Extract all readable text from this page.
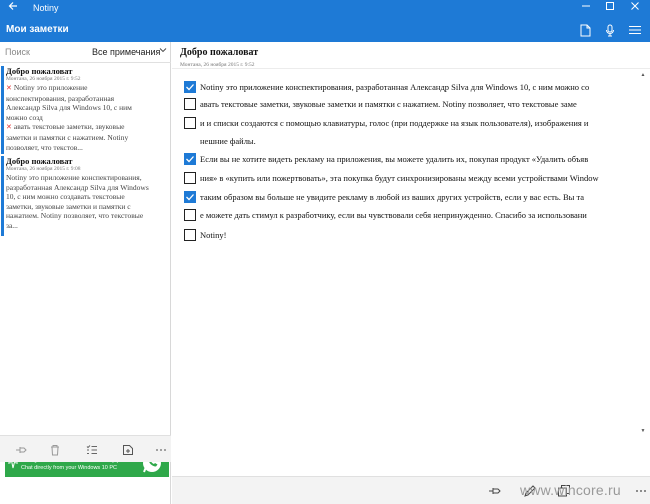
Notiny
Мои заметки
Поиск	Все примечания
Добро пожаловат
Монтана, 26 ноября 2015 г. 9:52
✕ Notiny это приложение
конспектирования, разработанная
Александр Silva для Windows 10, с ним
можно созд
✕ авать текстовые заметки, звуковые
заметки и памятки с нажатием. Notiny
позволяет, что текстов...
Добро пожаловат
Монтана, 26 ноября 2015 г. 9:08
Notiny это приложение конспектирования,
разработанная Александр Silva для Windows
10, с ним можно создавать текстовые
заметки, звуковые заметки и памятки с
нажатием. Notiny позволяет, что текстовые
за...
Chat directly from your Windows 10 PC
Добро пожаловат
Монтана, 26 ноября 2015 г. 9:52
Notiny это приложение конспектирования, разработанная Александр Silva для Windows 10, с ним можно со
авать текстовые заметки, звуковые заметки и памятки с нажатием. Notiny позволяет, что текстовые заме
и и списки создаются с помощью клавиатуры, голос (при поддержке на язык пользователя), изображения и
нешние файлы.
Если вы не хотите видеть рекламу на приложения, вы можете удалить их, покупая продукт «Удалить объяв
ния» в «купить или пожертвовать», эта покупка будут синхронизированы между всеми устройствами Window
таким образом вы больше не увидите рекламу в любой из ваших других устройств, если у вас есть. Вы та
е можете дать стимул к разработчику, если вы чувствовали себя непринужденно. Спасибо за использовани
Notiny!
▲
▼
www.wincore.ru
